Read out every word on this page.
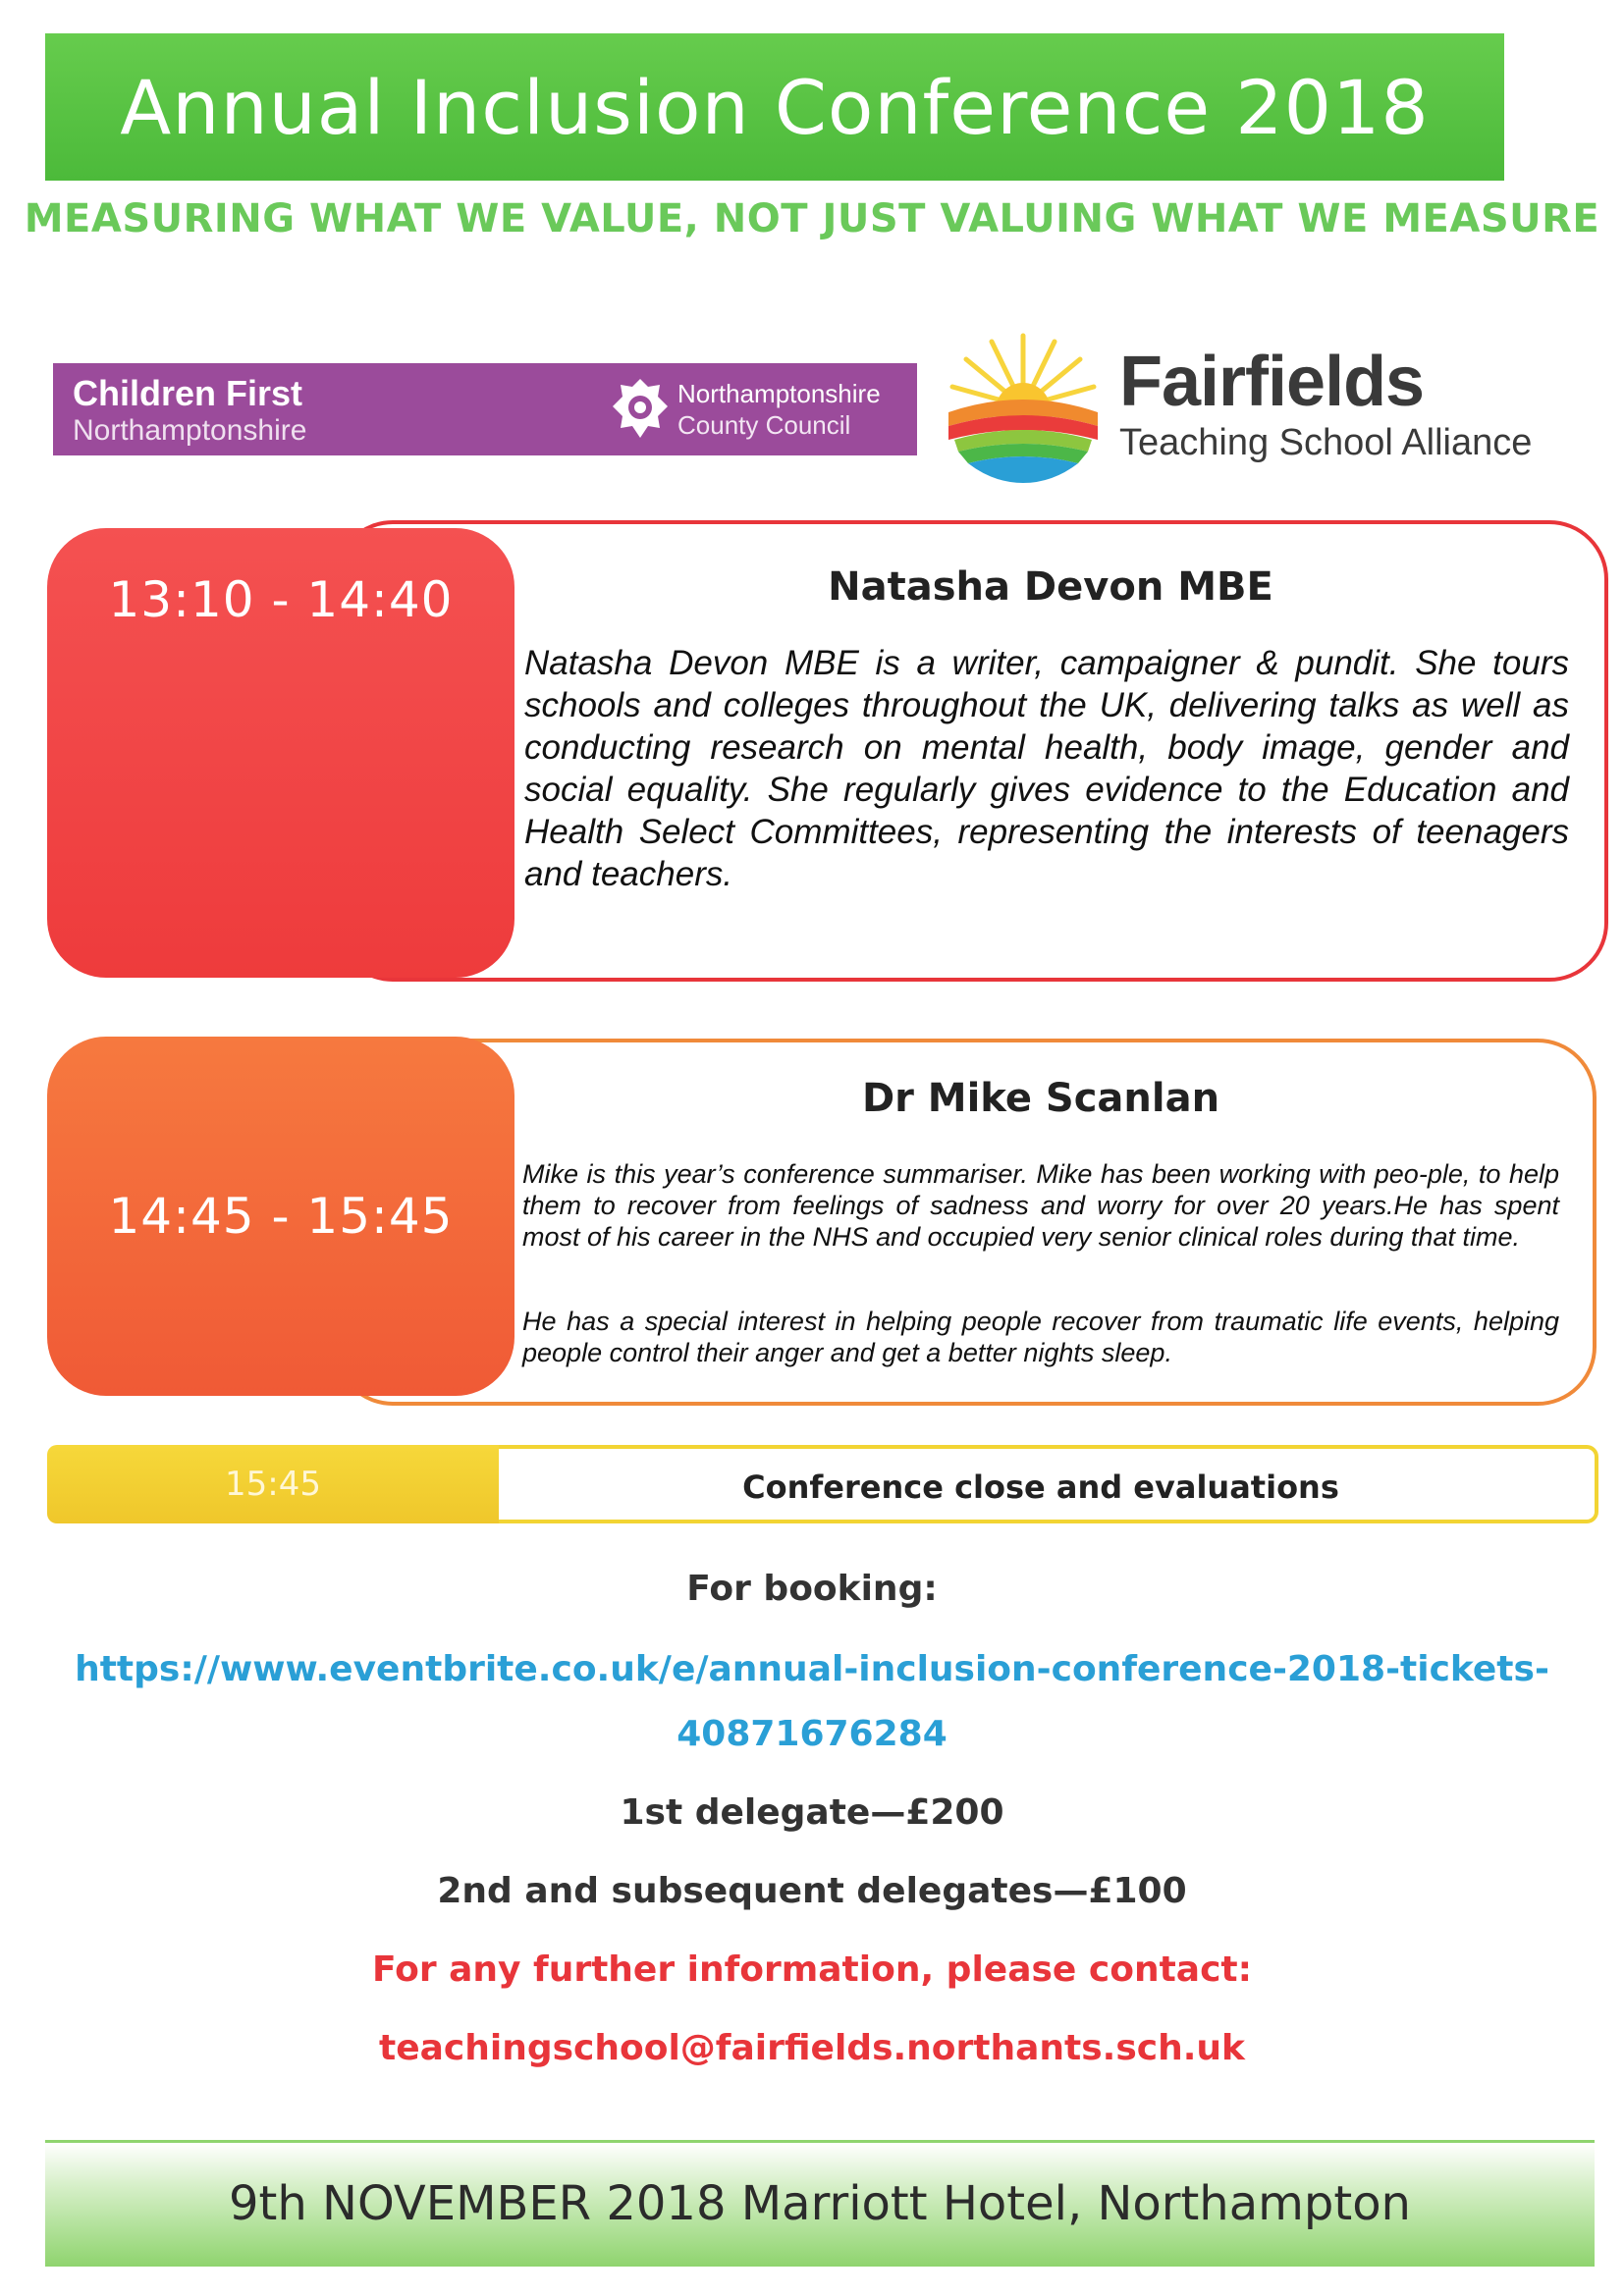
Annual Inclusion Conference 2018
MEASURING WHAT WE VALUE, NOT JUST VALUING WHAT WE MEASURE
Children First
Northamptonshire
Northamptonshire
County Council
Fairfields
Teaching School Alliance
13:10 - 14:40	Natasha Devon MBE

Natasha Devon MBE is a writer, campaigner & pundit. She tours schools and colleges throughout the UK, delivering talks as well as conducting research on mental health, body image, gender and social equality. She regularly gives evidence to the Education and Health Select Committees, representing the interests of teenagers and teachers.

14:45 - 15:45
Dr Mike Scanlan

Mike is this year’s conference summariser. Mike has been working with peo-ple, to help them to recover from feelings of sadness and worry for over 20 years.He has spent most of his career in the NHS and occupied very senior clinical roles during that time.

He has a special interest in helping people recover from traumatic life events, helping people control their anger and get a better nights sleep.

15:45	Conference close and evaluations
For booking:
https://www.eventbrite.co.uk/e/annual-inclusion-conference-2018-tickets-
40871676284
1st delegate—£200
2nd and subsequent delegates—£100
For any further information, please contact:
teachingschool@fairfields.northants.sch.uk
9th NOVEMBER 2018 Marriott Hotel, Northampton
